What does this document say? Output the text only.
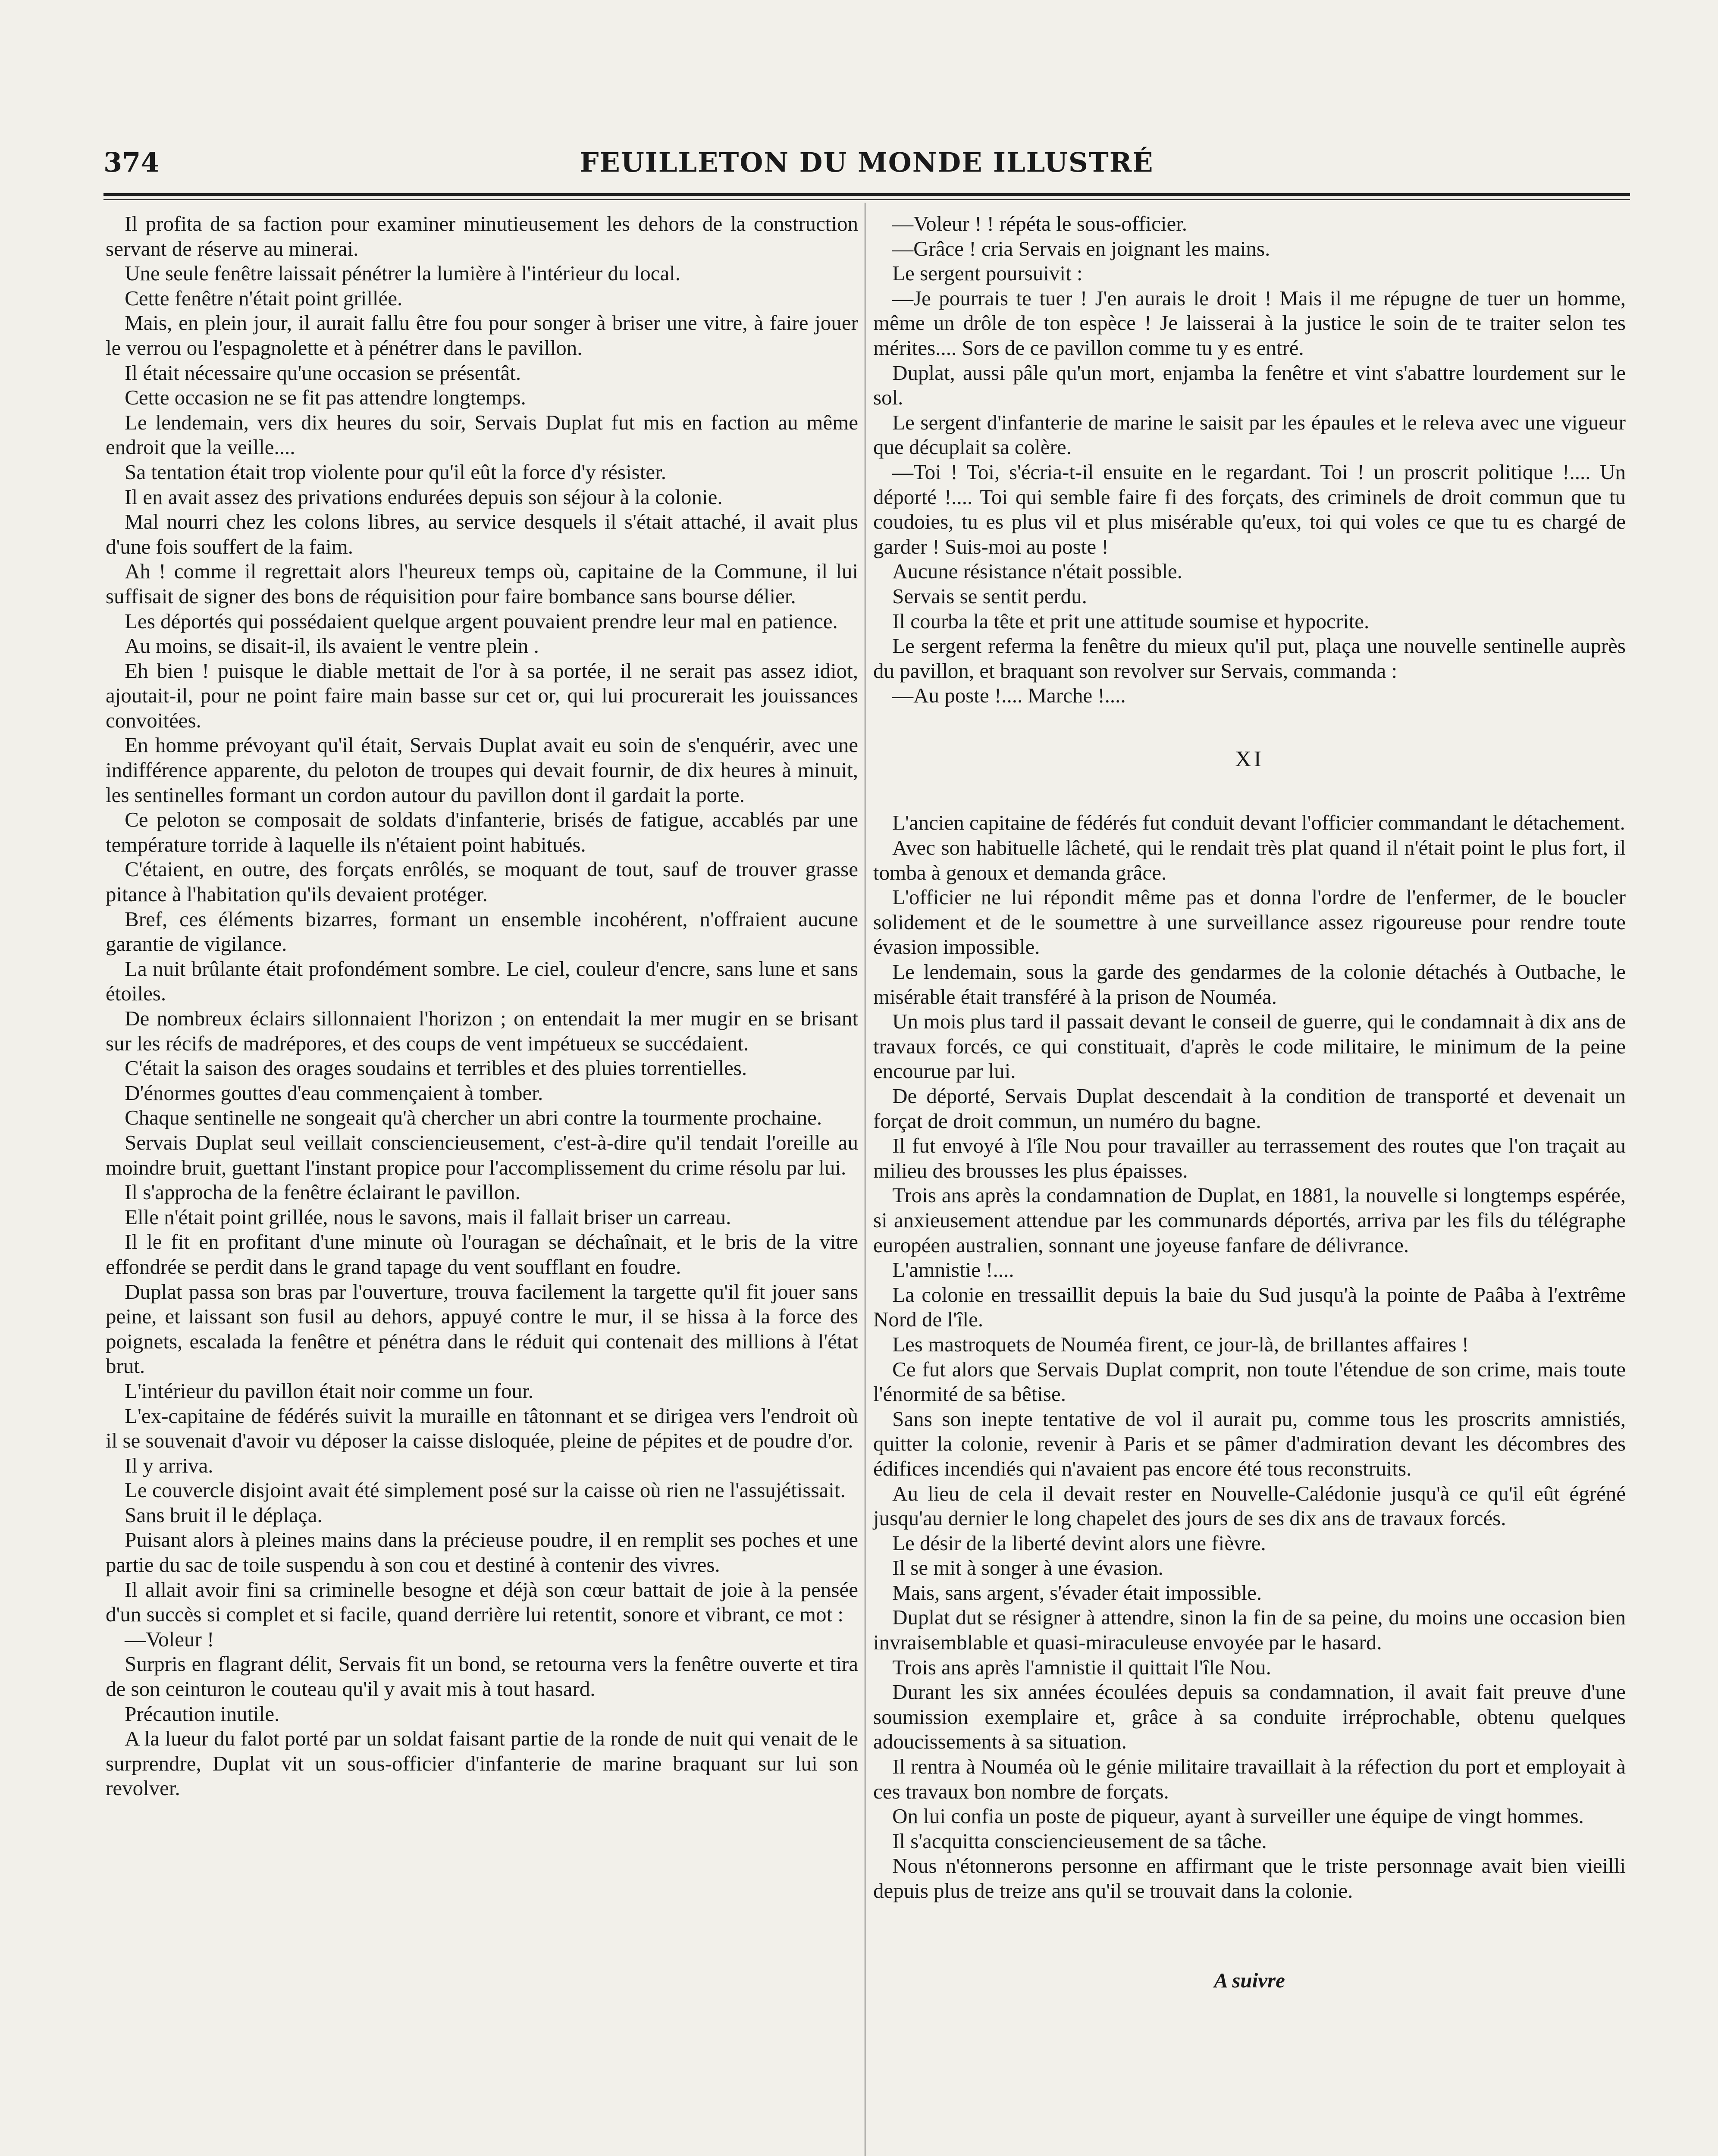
374	FEUILLETON DU MONDE ILLUSTRÉ

Il profita de sa faction pour examiner minutieusement les dehors de la construction servant de réserve au minerai.

Une seule fenêtre laissait pénétrer la lumière à l'intérieur du local.

Cette fenêtre n'était point grillée.

Mais, en plein jour, il aurait fallu être fou pour songer à briser une vitre, à faire jouer le verrou ou l'espagnolette et à pénétrer dans le pavillon.

Il était nécessaire qu'une occasion se présentât.

Cette occasion ne se fit pas attendre longtemps.

Le lendemain, vers dix heures du soir, Servais Duplat fut mis en faction au même endroit que la veille....

Sa tentation était trop violente pour qu'il eût la force d'y résister.

Il en avait assez des privations endurées depuis son séjour à la colonie.

Mal nourri chez les colons libres, au service desquels il s'était attaché, il avait plus d'une fois souffert de la faim.

Ah ! comme il regrettait alors l'heureux temps où, capitaine de la Commune, il lui suffisait de signer des bons de réquisition pour faire bombance sans bourse délier.

Les déportés qui possédaient quelque argent pouvaient prendre leur mal en patience.

Au moins, se disait-il, ils avaient le ventre plein .

Eh bien ! puisque le diable mettait de l'or à sa portée, il ne serait pas assez idiot, ajoutait-il, pour ne point faire main basse sur cet or, qui lui procurerait les jouissances convoitées.

En homme prévoyant qu'il était, Servais Duplat avait eu soin de s'enquérir, avec une indifférence apparente, du peloton de troupes qui devait fournir, de dix heures à minuit, les sentinelles formant un cordon autour du pavillon dont il gardait la porte.

Ce peloton se composait de soldats d'infanterie, brisés de fatigue, accablés par une température torride à laquelle ils n'étaient point habitués.

C'étaient, en outre, des forçats enrôlés, se moquant de tout, sauf de trouver grasse pitance à l'habitation qu'ils devaient protéger.

Bref, ces éléments bizarres, formant un ensemble incohérent, n'offraient aucune garantie de vigilance.

La nuit brûlante était profondément sombre. Le ciel, couleur d'encre, sans lune et sans étoiles.

De nombreux éclairs sillonnaient l'horizon ; on entendait la mer mugir en se brisant sur les récifs de madrépores, et des coups de vent impétueux se succédaient.

C'était la saison des orages soudains et terribles et des pluies torrentielles.

D'énormes gouttes d'eau commençaient à tomber.

Chaque sentinelle ne songeait qu'à chercher un abri contre la tourmente prochaine.

Servais Duplat seul veillait consciencieusement, c'est-à-dire qu'il tendait l'oreille au moindre bruit, guettant l'instant propice pour l'accomplissement du crime résolu par lui.

Il s'approcha de la fenêtre éclairant le pavillon.

Elle n'était point grillée, nous le savons, mais il fallait briser un carreau.

Il le fit en profitant d'une minute où l'ouragan se déchaînait, et le bris de la vitre effondrée se perdit dans le grand tapage du vent soufflant en foudre.

Duplat passa son bras par l'ouverture, trouva facilement la targette qu'il fit jouer sans peine, et laissant son fusil au dehors, appuyé contre le mur, il se hissa à la force des poignets, escalada la fenêtre et pénétra dans le réduit qui contenait des millions à l'état brut.

L'intérieur du pavillon était noir comme un four.

L'ex-capitaine de fédérés suivit la muraille en tâtonnant et se dirigea vers l'endroit où il se souvenait d'avoir vu déposer la caisse disloquée, pleine de pépites et de poudre d'or.

Il y arriva.

Le couvercle disjoint avait été simplement posé sur la caisse où rien ne l'assujétissait.

Sans bruit il le déplaça.

Puisant alors à pleines mains dans la précieuse poudre, il en remplit ses poches et une partie du sac de toile suspendu à son cou et destiné à contenir des vivres.

Il allait avoir fini sa criminelle besogne et déjà son cœur battait de joie à la pensée d'un succès si complet et si facile, quand derrière lui retentit, sonore et vibrant, ce mot :

—Voleur !

Surpris en flagrant délit, Servais fit un bond, se retourna vers la fenêtre ouverte et tira de son ceinturon le couteau qu'il y avait mis à tout hasard.

Précaution inutile.

A la lueur du falot porté par un soldat faisant partie de la ronde de nuit qui venait de le surprendre, Duplat vit un sous-officier d'infanterie de marine braquant sur lui son revolver.

—Voleur ! ! répéta le sous-officier.

—Grâce ! cria Servais en joignant les mains.

Le sergent poursuivit :

—Je pourrais te tuer ! J'en aurais le droit ! Mais il me répugne de tuer un homme, même un drôle de ton espèce ! Je laisserai à la justice le soin de te traiter selon tes mérites.... Sors de ce pavillon comme tu y es entré.

Duplat, aussi pâle qu'un mort, enjamba la fenêtre et vint s'abattre lourdement sur le sol.

Le sergent d'infanterie de marine le saisit par les épaules et le releva avec une vigueur que décuplait sa colère.

—Toi ! Toi, s'écria-t-il ensuite en le regardant. Toi ! un proscrit politique !.... Un déporté !.... Toi qui semble faire fi des forçats, des criminels de droit commun que tu coudoies, tu es plus vil et plus misérable qu'eux, toi qui voles ce que tu es chargé de garder ! Suis-moi au poste !

Aucune résistance n'était possible.

Servais se sentit perdu.

Il courba la tête et prit une attitude soumise et hypocrite.

Le sergent referma la fenêtre du mieux qu'il put, plaça une nouvelle sentinelle auprès du pavillon, et braquant son revolver sur Servais, commanda :

—Au poste !.... Marche !....

XI

L'ancien capitaine de fédérés fut conduit devant l'officier commandant le détachement.

Avec son habituelle lâcheté, qui le rendait très plat quand il n'était point le plus fort, il tomba à genoux et demanda grâce.

L'officier ne lui répondit même pas et donna l'ordre de l'enfermer, de le boucler solidement et de le soumettre à une surveillance assez rigoureuse pour rendre toute évasion impossible.

Le lendemain, sous la garde des gendarmes de la colonie détachés à Outbache, le misérable était transféré à la prison de Nouméa.

Un mois plus tard il passait devant le conseil de guerre, qui le condamnait à dix ans de travaux forcés, ce qui constituait, d'après le code militaire, le minimum de la peine encourue par lui.

De déporté, Servais Duplat descendait à la condition de transporté et devenait un forçat de droit commun, un numéro du bagne.

Il fut envoyé à l'île Nou pour travailler au terrassement des routes que l'on traçait au milieu des brousses les plus épaisses.

Trois ans après la condamnation de Duplat, en 1881, la nouvelle si longtemps espérée, si anxieusement attendue par les communards déportés, arriva par les fils du télégraphe européen australien, sonnant une joyeuse fanfare de délivrance.

L'amnistie !....

La colonie en tressaillit depuis la baie du Sud jusqu'à la pointe de Paâba à l'extrême Nord de l'île.

Les mastroquets de Nouméa firent, ce jour-là, de brillantes affaires !

Ce fut alors que Servais Duplat comprit, non toute l'étendue de son crime, mais toute l'énormité de sa bêtise.

Sans son inepte tentative de vol il aurait pu, comme tous les proscrits amnistiés, quitter la colonie, revenir à Paris et se pâmer d'admiration devant les décombres des édifices incendiés qui n'avaient pas encore été tous reconstruits.

Au lieu de cela il devait rester en Nouvelle-Calédonie jusqu'à ce qu'il eût égréné jusqu'au dernier le long chapelet des jours de ses dix ans de travaux forcés.

Le désir de la liberté devint alors une fièvre.

Il se mit à songer à une évasion.

Mais, sans argent, s'évader était impossible.

Duplat dut se résigner à attendre, sinon la fin de sa peine, du moins une occasion bien invraisemblable et quasi-miraculeuse envoyée par le hasard.

Trois ans après l'amnistie il quittait l'île Nou.

Durant les six années écoulées depuis sa condamnation, il avait fait preuve d'une soumission exemplaire et, grâce à sa conduite irréprochable, obtenu quelques adoucissements à sa situation.

Il rentra à Nouméa où le génie militaire travaillait à la réfection du port et employait à ces travaux bon nombre de forçats.

On lui confia un poste de piqueur, ayant à surveiller une équipe de vingt hommes.

Il s'acquitta consciencieusement de sa tâche.

Nous n'étonnerons personne en affirmant que le triste personnage avait bien vieilli depuis plus de treize ans qu'il se trouvait dans la colonie.

A suivre
